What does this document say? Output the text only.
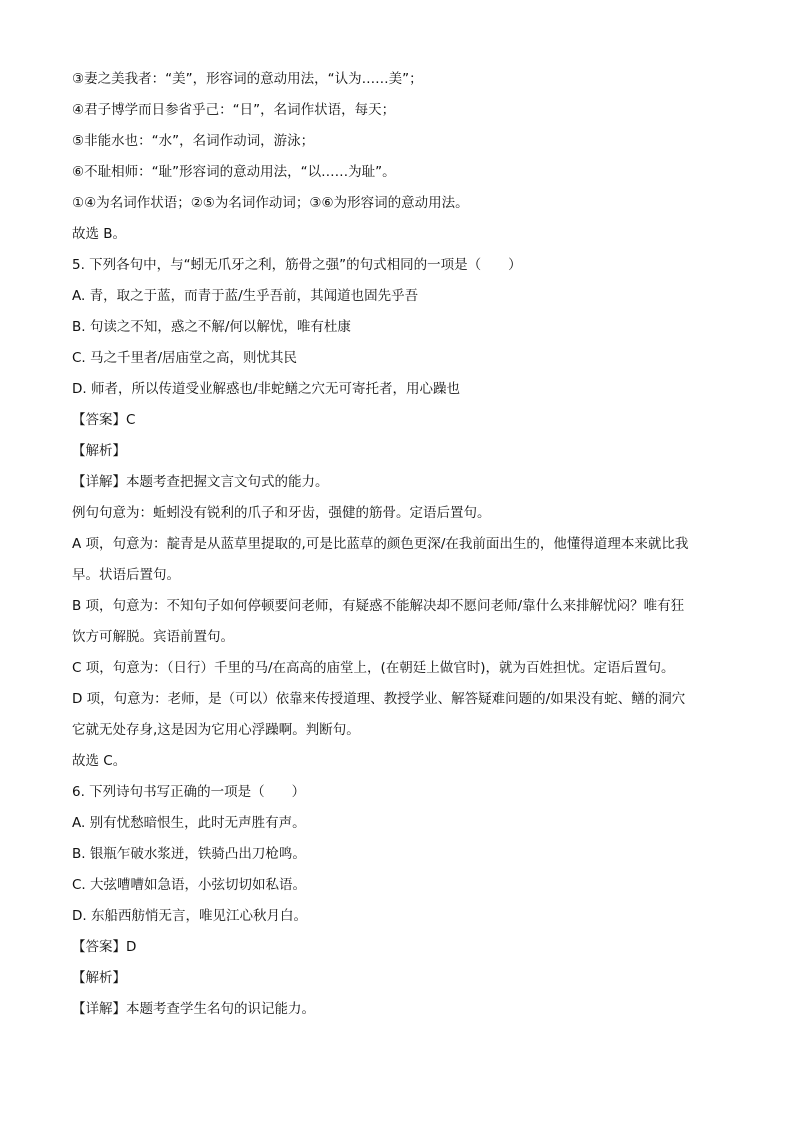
③妻之美我者：“美”，形容词的意动用法，“认为……美”；
④君子博学而日参省乎己：“日”，名词作状语，每天；
⑤非能水也：“水”，名词作动词，游泳；
⑥不耻相师：“耻”形容词的意动用法，“以……为耻”。
①④为名词作状语；②⑤为名词作动词；③⑥为形容词的意动用法。
故选 B。
5. 下列各句中，与“蚓无爪牙之利，筋骨之强”的句式相同的一项是（　　）
A. 青，取之于蓝，而青于蓝/生乎吾前，其闻道也固先乎吾
B. 句读之不知，惑之不解/何以解忧，唯有杜康
C. 马之千里者/居庙堂之高，则忧其民
D. 师者，所以传道受业解惑也/非蛇鳝之穴无可寄托者，用心躁也
【答案】C
【解析】
【详解】本题考查把握文言文句式的能力。
例句句意为：蚯蚓没有锐利的爪子和牙齿，强健的筋骨。定语后置句。
A 项，句意为：靛青是从蓝草里提取的,可是比蓝草的颜色更深/在我前面出生的，他懂得道理本来就比我
早。状语后置句。
B 项，句意为：不知句子如何停顿要问老师，有疑惑不能解决却不愿问老师/靠什么来排解忧闷？唯有狂
饮方可解脱。宾语前置句。
C 项，句意为：（日行）千里的马/在高高的庙堂上，(在朝廷上做官时)，就为百姓担忧。定语后置句。
D 项，句意为：老师，是（可以）依靠来传授道理、教授学业、解答疑难问题的/如果没有蛇、鳝的洞穴
它就无处存身,这是因为它用心浮躁啊。判断句。
故选 C。
6. 下列诗句书写正确的一项是（　　）
A. 别有忧愁暗恨生，此时无声胜有声。
B. 银瓶乍破水浆迸，铁骑凸出刀枪鸣。
C. 大弦嘈嘈如急语，小弦切切如私语。
D. 东船西舫悄无言，唯见江心秋月白。
【答案】D
【解析】
【详解】本题考查学生名句的识记能力。
